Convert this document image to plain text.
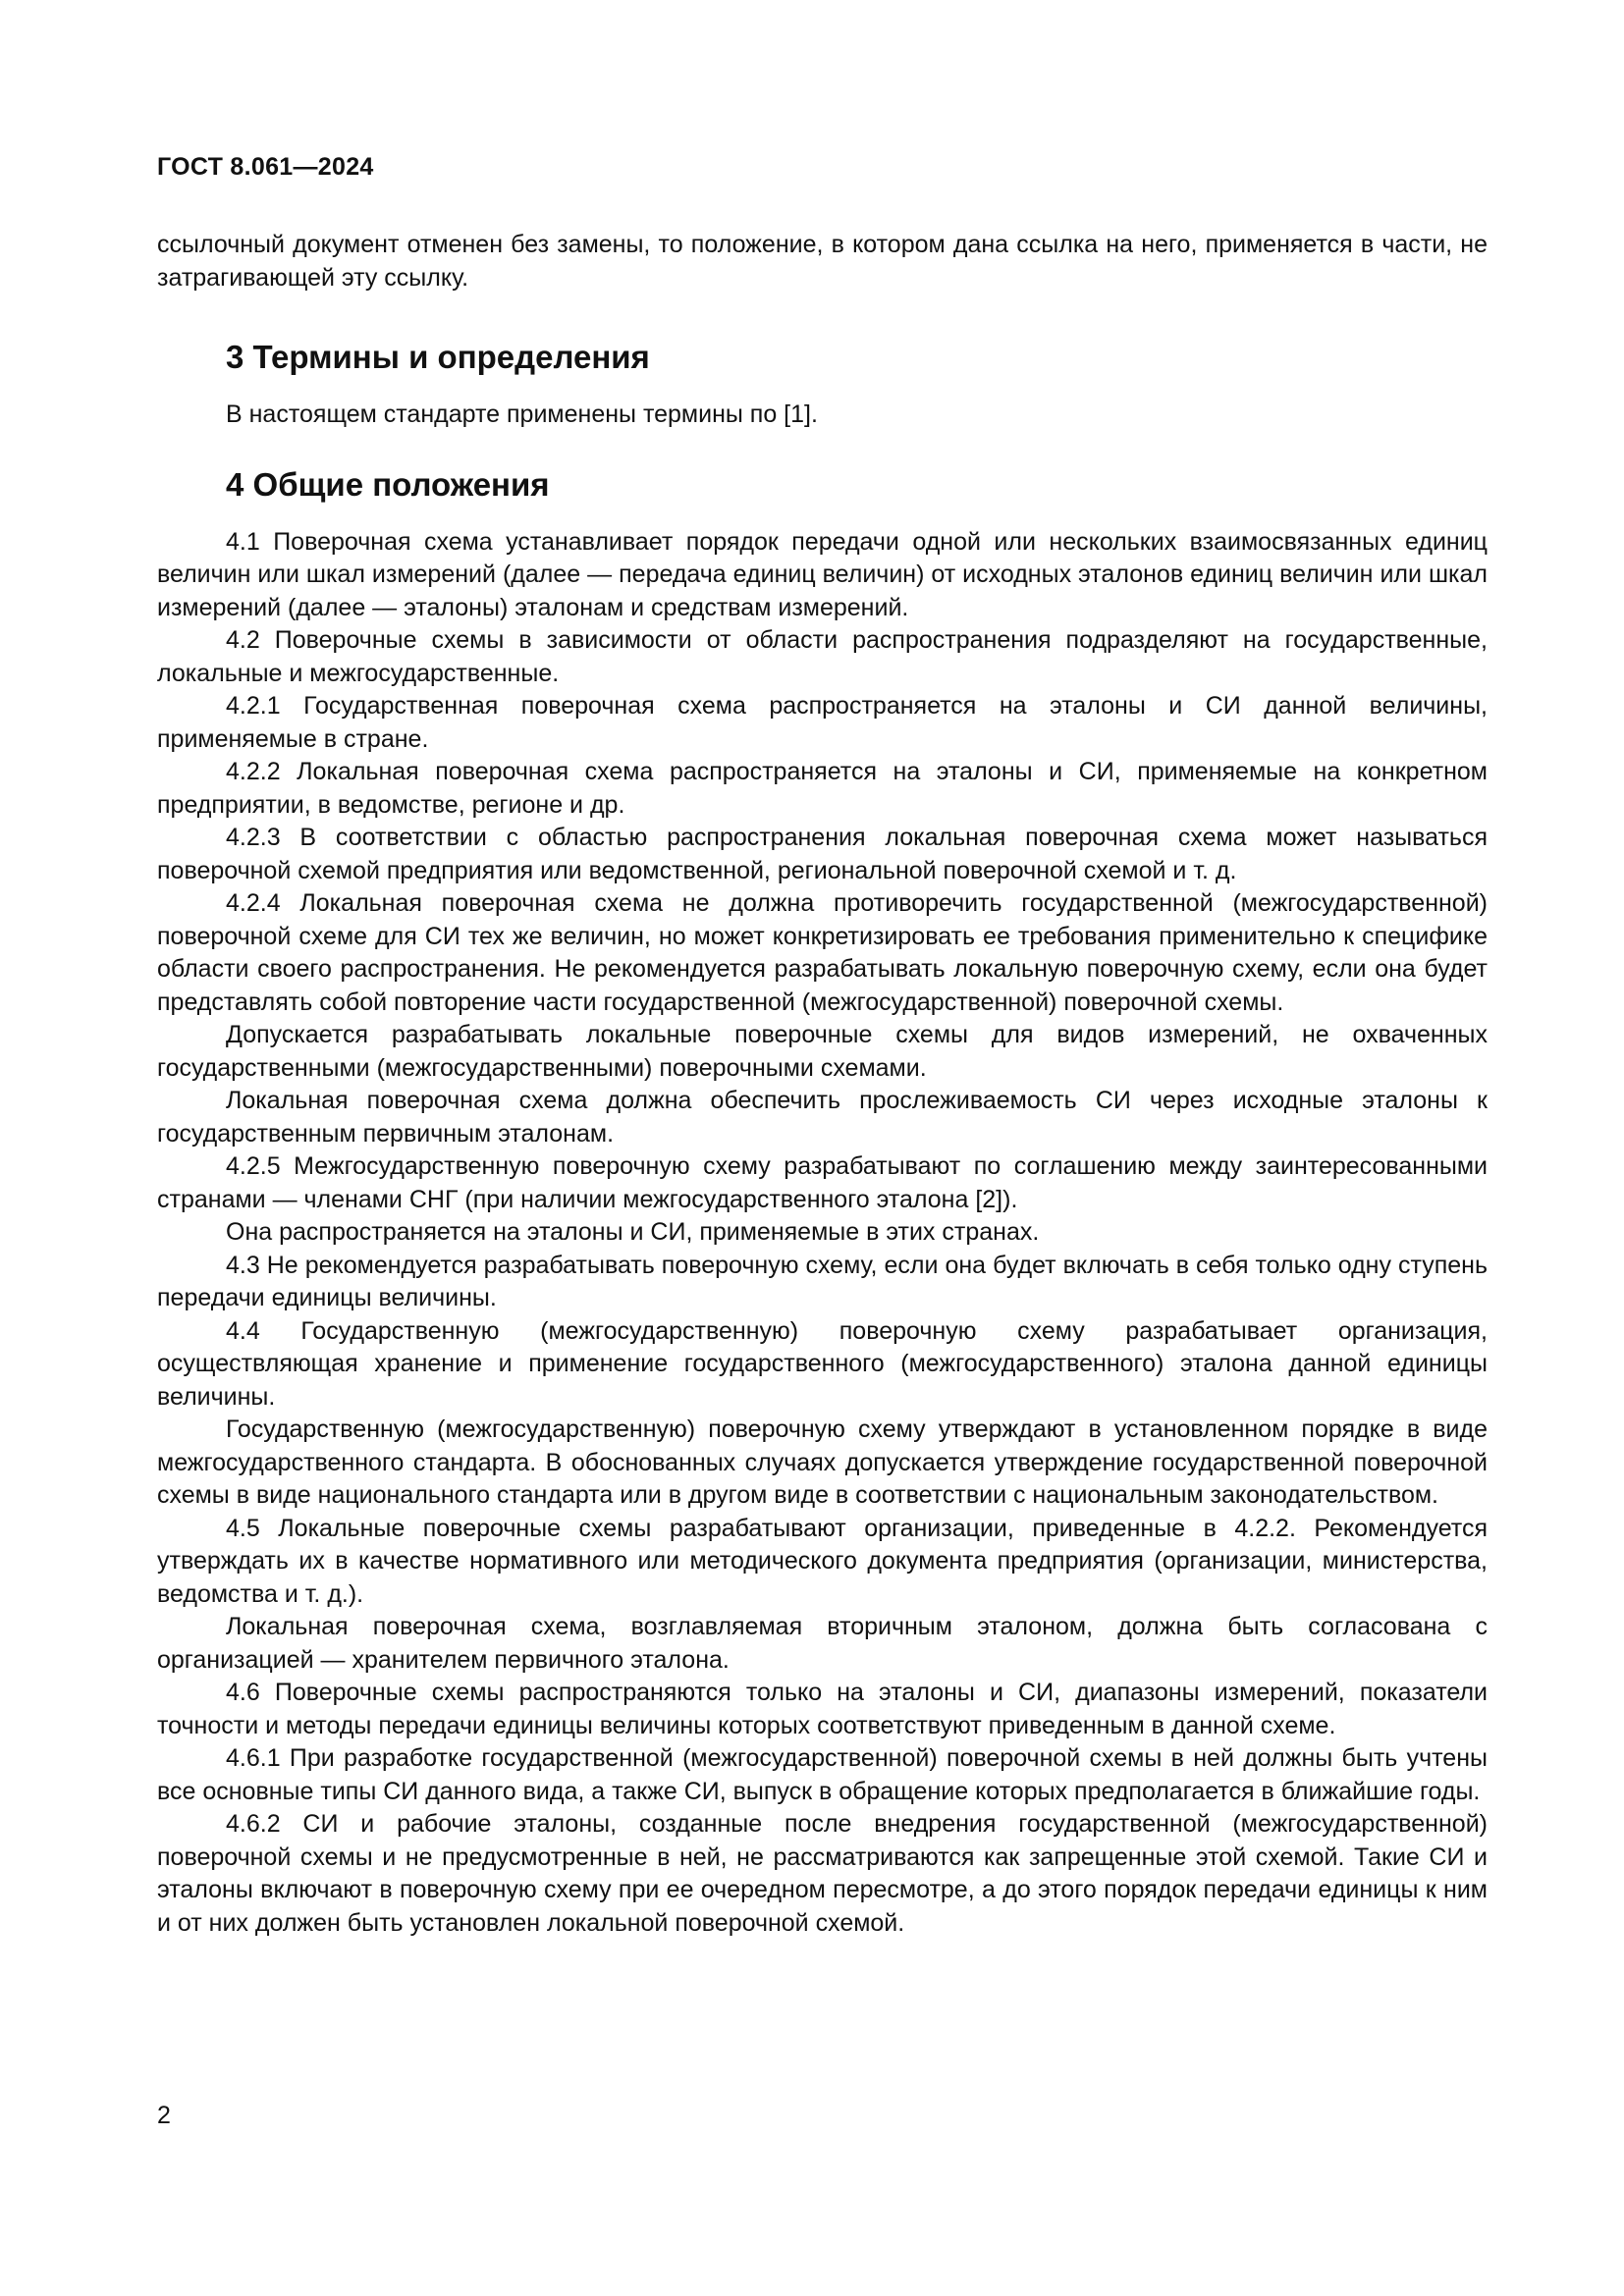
ГОСТ 8.061—2024

ссылочный документ отменен без замены, то положение, в котором дана ссылка на него, применяется в части, не затрагивающей эту ссылку.

3 Термины и определения

В настоящем стандарте применены термины по [1].

4 Общие положения

4.1 Поверочная схема устанавливает порядок передачи одной или нескольких взаимосвязанных единиц величин или шкал измерений (далее — передача единиц величин) от исходных эталонов единиц величин или шкал измерений (далее — эталоны) эталонам и средствам измерений.

4.2 Поверочные схемы в зависимости от области распространения подразделяют на государственные, локальные и межгосударственные.

4.2.1 Государственная поверочная схема распространяется на эталоны и СИ данной величины, применяемые в стране.

4.2.2 Локальная поверочная схема распространяется на эталоны и СИ, применяемые на конкретном предприятии, в ведомстве, регионе и др.

4.2.3 В соответствии с областью распространения локальная поверочная схема может называться поверочной схемой предприятия или ведомственной, региональной поверочной схемой и т. д.

4.2.4 Локальная поверочная схема не должна противоречить государственной (межгосударственной) поверочной схеме для СИ тех же величин, но может конкретизировать ее требования применительно к специфике области своего распространения. Не рекомендуется разрабатывать локальную поверочную схему, если она будет представлять собой повторение части государственной (межгосударственной) поверочной схемы.

Допускается разрабатывать локальные поверочные схемы для видов измерений, не охваченных государственными (межгосударственными) поверочными схемами.

Локальная поверочная схема должна обеспечить прослеживаемость СИ через исходные эталоны к государственным первичным эталонам.

4.2.5 Межгосударственную поверочную схему разрабатывают по соглашению между заинтересованными странами — членами СНГ (при наличии межгосударственного эталона [2]).

Она распространяется на эталоны и СИ, применяемые в этих странах.

4.3 Не рекомендуется разрабатывать поверочную схему, если она будет включать в себя только одну ступень передачи единицы величины.

4.4 Государственную (межгосударственную) поверочную схему разрабатывает организация, осуществляющая хранение и применение государственного (межгосударственного) эталона данной единицы величины.

Государственную (межгосударственную) поверочную схему утверждают в установленном порядке в виде межгосударственного стандарта. В обоснованных случаях допускается утверждение государственной поверочной схемы в виде национального стандарта или в другом виде в соответствии с национальным законодательством.

4.5 Локальные поверочные схемы разрабатывают организации, приведенные в 4.2.2. Рекомендуется утверждать их в качестве нормативного или методического документа предприятия (организации, министерства, ведомства и т. д.).

Локальная поверочная схема, возглавляемая вторичным эталоном, должна быть согласована с организацией — хранителем первичного эталона.

4.6 Поверочные схемы распространяются только на эталоны и СИ, диапазоны измерений, показатели точности и методы передачи единицы величины которых соответствуют приведенным в данной схеме.

4.6.1 При разработке государственной (межгосударственной) поверочной схемы в ней должны быть учтены все основные типы СИ данного вида, а также СИ, выпуск в обращение которых предполагается в ближайшие годы.

4.6.2 СИ и рабочие эталоны, созданные после внедрения государственной (межгосударственной) поверочной схемы и не предусмотренные в ней, не рассматриваются как запрещенные этой схемой. Такие СИ и эталоны включают в поверочную схему при ее очередном пересмотре, а до этого порядок передачи единицы к ним и от них должен быть установлен локальной поверочной схемой.

2
